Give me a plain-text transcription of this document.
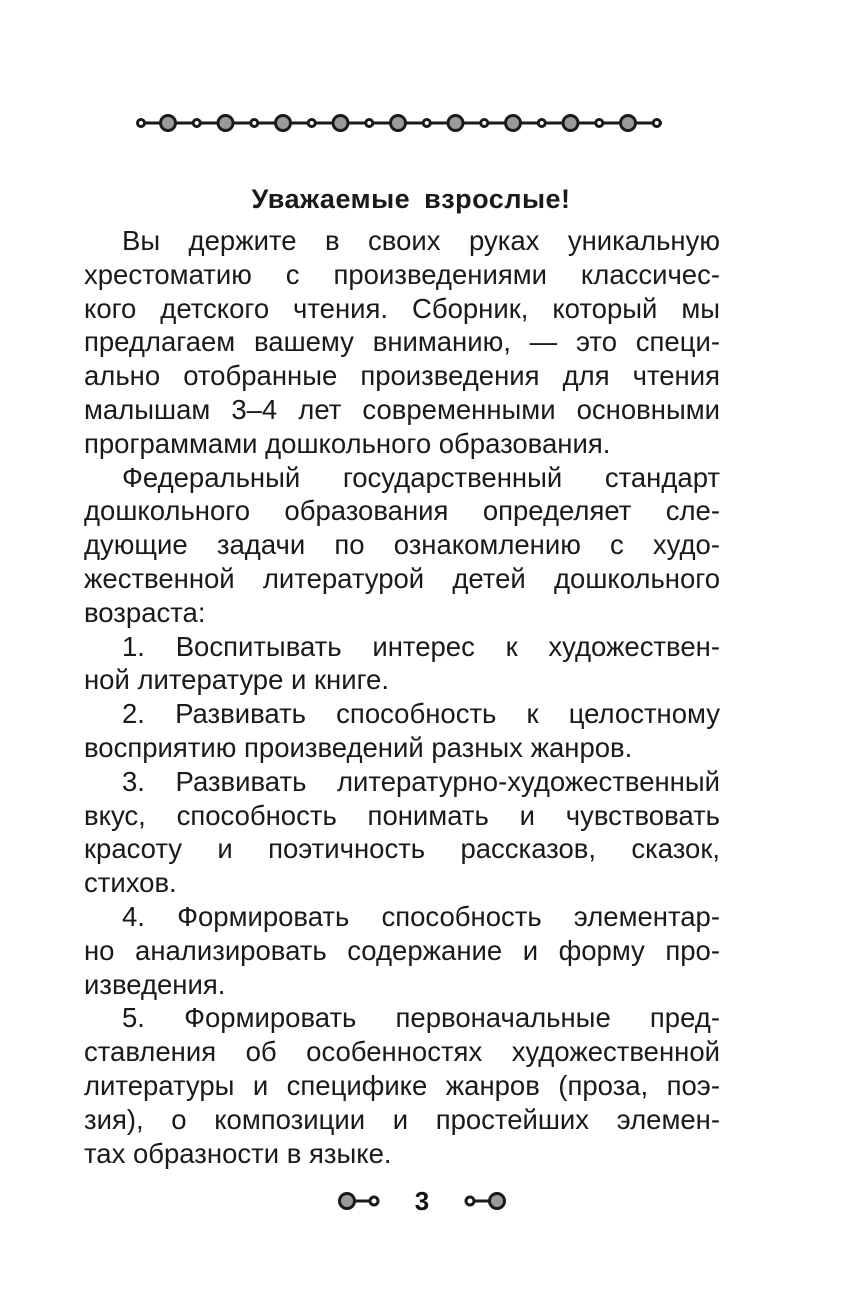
Уважаемые взрослые!
Вы держите в своих руках уникальную
хрестоматию с произведениями классичес-
кого детского чтения. Сборник, который мы
предлагаем вашему вниманию, — это специ-
ально отобранные произведения для чтения
малышам 3–4 лет современными основными
программами дошкольного образования.
Федеральный государственный стандарт
дошкольного образования определяет сле-
дующие задачи по ознакомлению с худо-
жественной литературой детей дошкольного
возраста:
1. Воспитывать интерес к художествен-
ной литературе и книге.
2. Развивать способность к целостному
восприятию произведений разных жанров.
3. Развивать литературно-художественный
вкус, способность понимать и чувствовать
красоту и поэтичность рассказов, сказок,
стихов.
4. Формировать способность элементар-
но анализировать содержание и форму про-
изведения.
5. Формировать первоначальные пред-
ставления об особенностях художественной
литературы и специфике жанров (проза, поэ-
зия), о композиции и простейших элемен-
тах образности в языке.
3
